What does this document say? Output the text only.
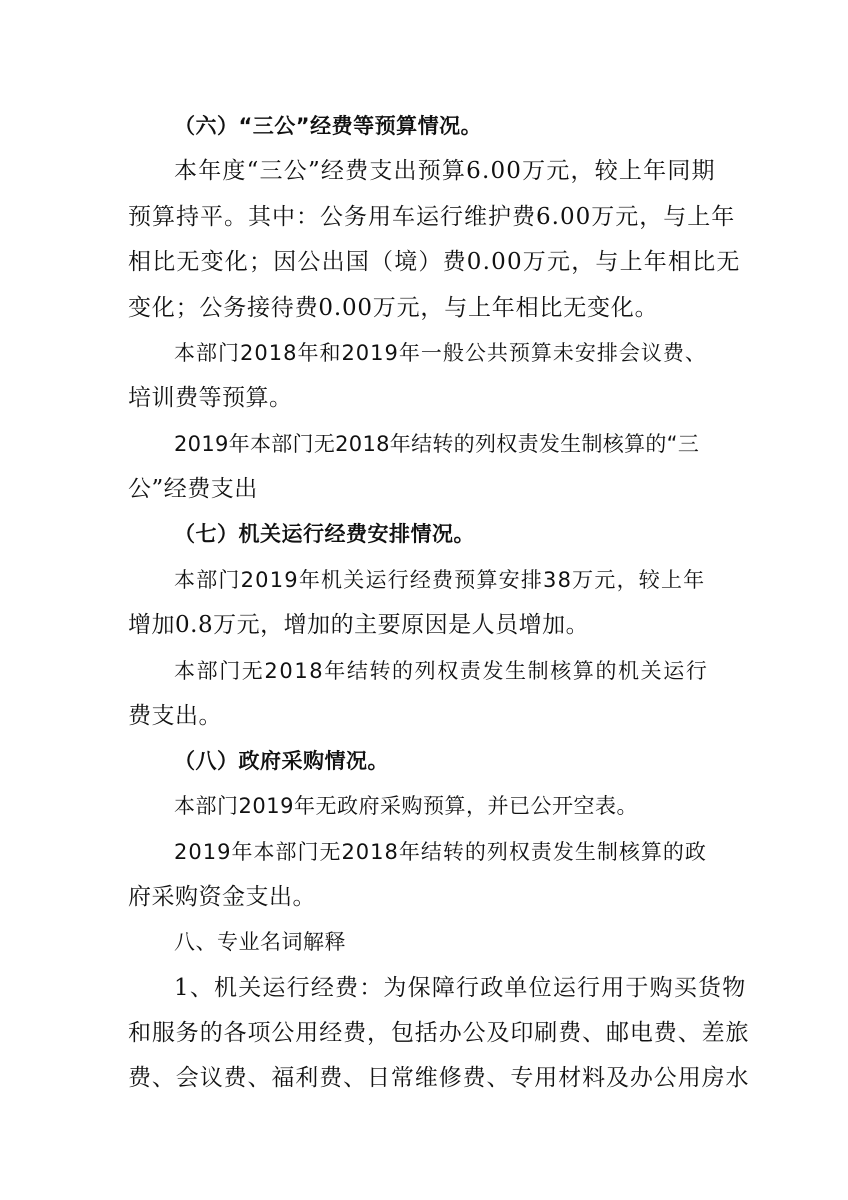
（六）“三公”经费等预算情况。
本年度“三公”经费支出预算6.00万元，较上年同期
预算持平。其中：公务用车运行维护费6.00万元，与上年
相比无变化；因公出国（境）费0.00万元，与上年相比无
变化；公务接待费0.00万元，与上年相比无变化。
本部门2018年和2019年一般公共预算未安排会议费、
培训费等预算。
2019年本部门无2018年结转的列权责发生制核算的“三
公”经费支出
（七）机关运行经费安排情况。
本部门2019年机关运行经费预算安排38万元，较上年
增加0.8万元，增加的主要原因是人员增加。
本部门无2018年结转的列权责发生制核算的机关运行
费支出。
（八）政府采购情况。
本部门2019年无政府采购预算，并已公开空表。
2019年本部门无2018年结转的列权责发生制核算的政
府采购资金支出。
八、专业名词解释
1、机关运行经费：为保障行政单位运行用于购买货物
和服务的各项公用经费，包括办公及印刷费、邮电费、差旅
费、会议费、福利费、日常维修费、专用材料及办公用房水
